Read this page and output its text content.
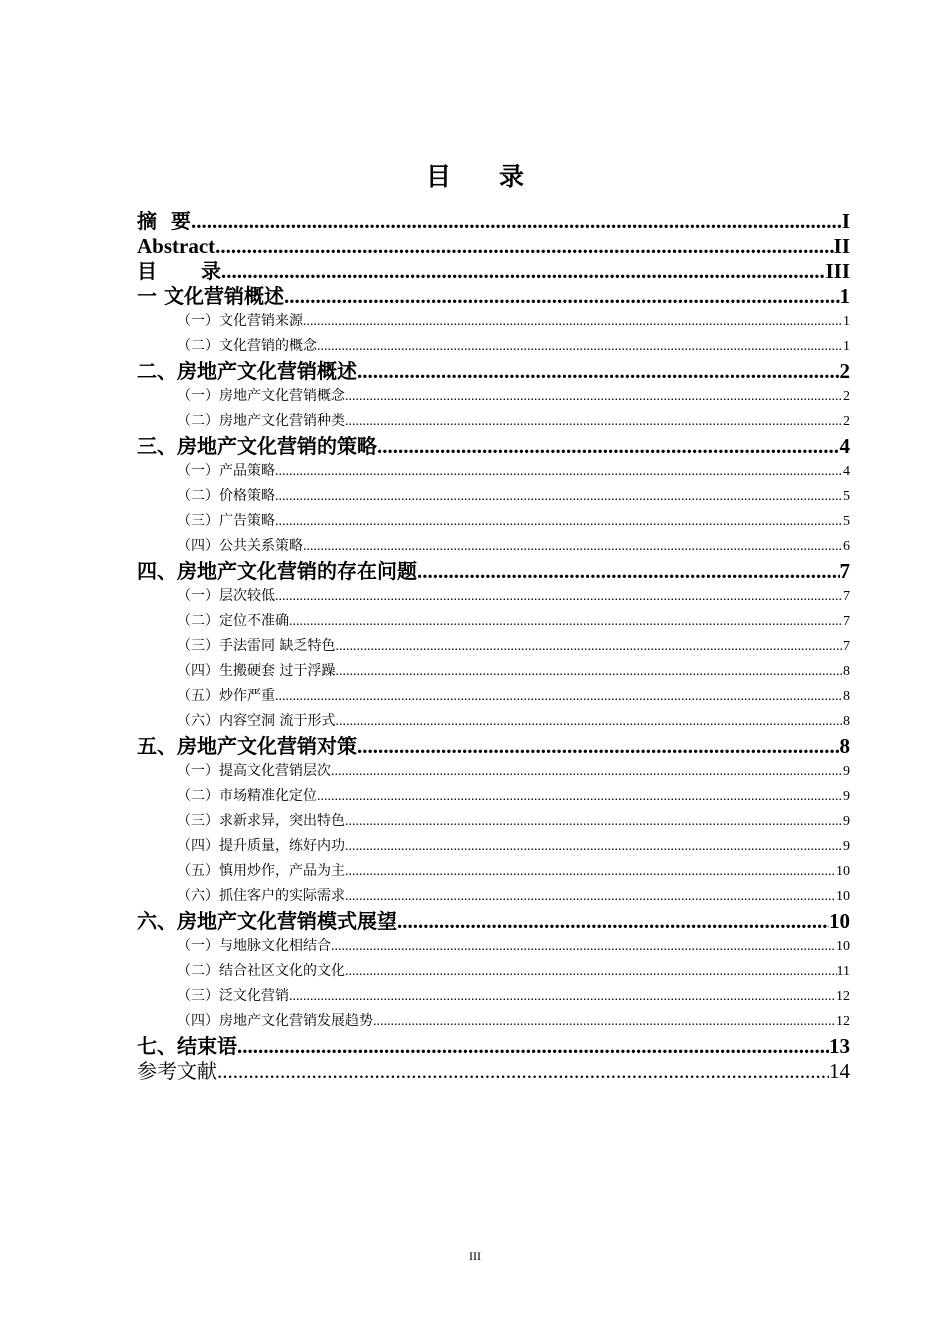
目 录
摘  要 .....	I
Abstract .....	II
目 录 .....	III
一 文化营销概述 .....	1
（一）文化营销来源 .....	1
（二）文化营销的概念 .....	1
二、房地产文化营销概述 .....	2
（一）房地产文化营销概念 .....	2
（二）房地产文化营销种类 .....	2
三、房地产文化营销的策略 .....	4
（一）产品策略 .....	4
（二）价格策略 .....	5
（三）广告策略 .....	5
（四）公共关系策略 .....	6
四、房地产文化营销的存在问题 .....	7
（一）层次较低 .....	7
（二）定位不准确 .....	7
（三）手法雷同 缺乏特色 .....	7
（四）生搬硬套 过于浮躁 .....	8
（五）炒作严重 .....	8
（六）内容空洞 流于形式 .....	8
五、房地产文化营销对策 .....	8
（一）提高文化营销层次 .....	9
（二）市场精准化定位 .....	9
（三）求新求异，突出特色 .....	9
（四）提升质量，练好内功 .....	9
（五）慎用炒作，产品为主 .....	10
（六）抓住客户的实际需求 .....	10
六、房地产文化营销模式展望 .....	10
（一）与地脉文化相结合 .....	10
（二）结合社区文化的文化 .....	11
（三）泛文化营销 .....	12
（四）房地产文化营销发展趋势 .....	12
七、结束语 .....	13
参考文献 .....	14
III
